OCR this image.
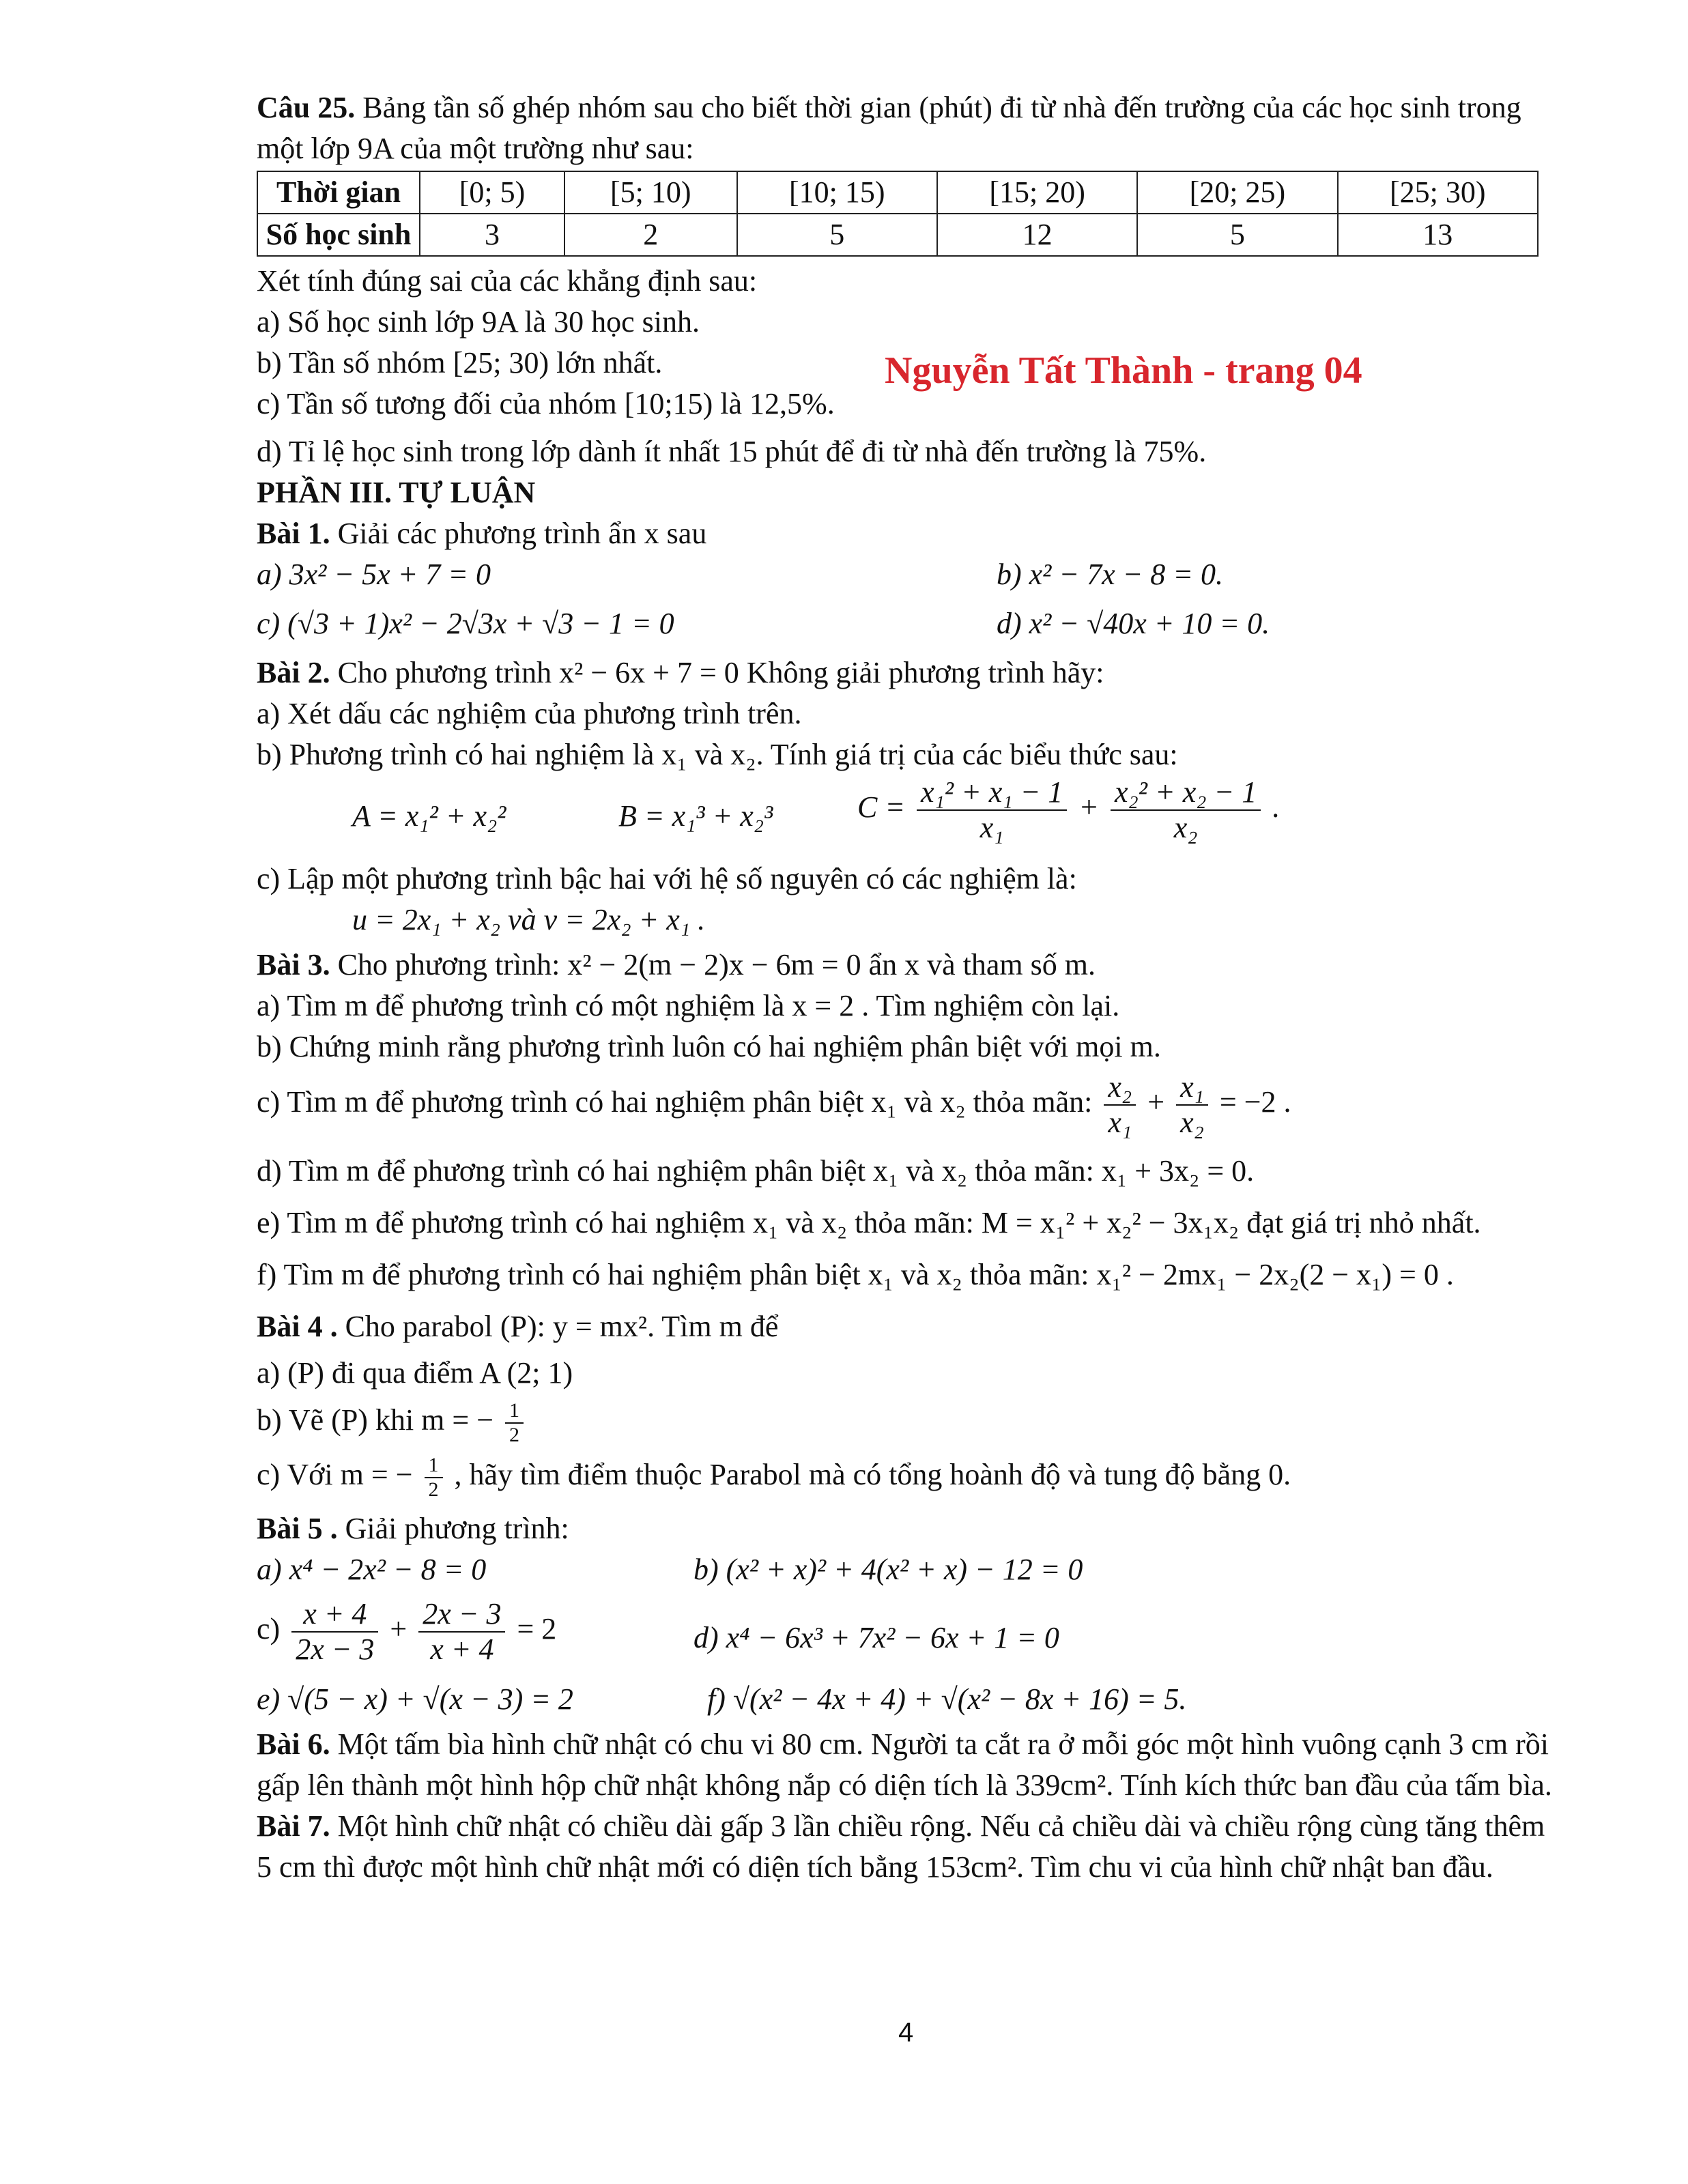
Nguyễn Tất Thành - trang 04
Câu 25. Bảng tần số ghép nhóm sau cho biết thời gian (phút) đi từ nhà đến trường của các học sinh trong một lớp 9A của một trường như sau:
Thời gian	[0; 5)	[5; 10)	[10; 15)	[15; 20)	[20; 25)	[25; 30)
Số học sinh	3	2	5	12	5	13
Xét tính đúng sai của các khẳng định sau:
a) Số học sinh lớp 9A là 30 học sinh.
b) Tần số nhóm [25; 30) lớn nhất.
c) Tần số tương đối của nhóm [10;15) là 12,5%.
d) Tỉ lệ học sinh trong lớp dành ít nhất 15 phút để đi từ nhà đến trường là 75%.
PHẦN III. TỰ LUẬN
Bài 1. Giải các phương trình ẩn x sau
a) 3x² − 5x + 7 = 0	b) x² − 7x − 8 = 0.
c) (√3 + 1)x² − 2√3x + √3 − 1 = 0	d) x² − √40x + 10 = 0.
Bài 2. Cho phương trình x² − 6x + 7 = 0 Không giải phương trình hãy:
a) Xét dấu các nghiệm của phương trình trên.
b) Phương trình có hai nghiệm là x₁ và x₂. Tính giá trị của các biểu thức sau:
A = x₁² + x₂²	B = x₁³ + x₂³	$C = \frac{\text{x₁² + x₁ − 1}}{\text{x₁}} + \frac{\text{x₂² + x₂ − 1}}{\text{x₂}}$ .
c) Lập một phương trình bậc hai với hệ số nguyên có các nghiệm là:
u = 2x₁ + x₂ và v = 2x₂ + x₁ .
Bài 3. Cho phương trình: x² − 2(m − 2)x − 6m = 0 ẩn x và tham số m.
a) Tìm m để phương trình có một nghiệm là x = 2 . Tìm nghiệm còn lại.
b) Chứng minh rằng phương trình luôn có hai nghiệm phân biệt với mọi m.
c) Tìm m để phương trình có hai nghiệm phân biệt x₁ và x₂ thỏa mãn: $\frac{\text{x₂}}{\text{x₁}} + \frac{\text{x₁}}{\text{x₂}} = -2$ .
d) Tìm m để phương trình có hai nghiệm phân biệt x₁ và x₂ thỏa mãn: x₁ + 3x₂ = 0.
e) Tìm m để phương trình có hai nghiệm x₁ và x₂ thỏa mãn: M = x₁² + x₂² − 3x₁x₂ đạt giá trị nhỏ nhất.
f) Tìm m để phương trình có hai nghiệm phân biệt x₁ và x₂ thỏa mãn: x₁² − 2mx₁ − 2x₂(2 − x₁) = 0 .
Bài 4 . Cho parabol (P): y = mx². Tìm m để
a) (P) đi qua điểm A (2; 1)
b) Vẽ (P) khi m = − $\frac{1}{2}$
c) Với m = − $\frac{1}{2}$ , hãy tìm điểm thuộc Parabol mà có tổng hoành độ và tung độ bằng 0.
Bài 5 . Giải phương trình:
a) x⁴ − 2x² − 8 = 0	b) (x² + x)² + 4(x² + x) − 12 = 0
$c) \frac{x + 4}{2x - 3} + \frac{2x - 3}{x + 4} = 2$	d) x⁴ − 6x³ + 7x² − 6x + 1 = 0
e) √(5 − x) + √(x − 3) = 2	f) √(x² − 4x + 4) + √(x² − 8x + 16) = 5.
Bài 6. Một tấm bìa hình chữ nhật có chu vi 80 cm. Người ta cắt ra ở mỗi góc một hình vuông cạnh 3 cm rồi gấp lên thành một hình hộp chữ nhật không nắp có diện tích là 339cm². Tính kích thức ban đầu của tấm bìa.
Bài 7. Một hình chữ nhật có chiều dài gấp 3 lần chiều rộng. Nếu cả chiều dài và chiều rộng cùng tăng thêm 5 cm thì được một hình chữ nhật mới có diện tích bằng 153cm². Tìm chu vi của hình chữ nhật ban đầu.
4
